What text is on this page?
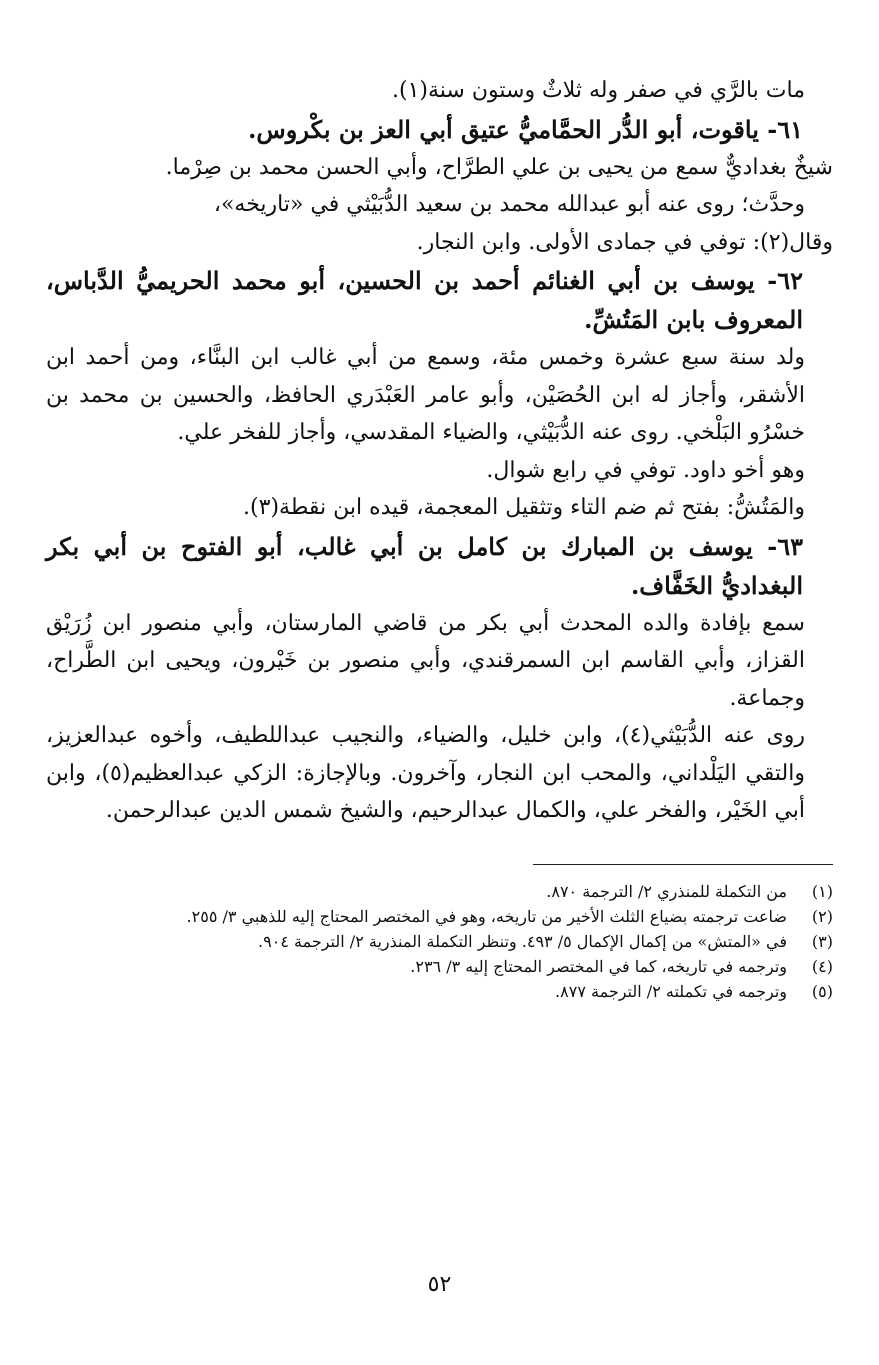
مات بالرَّي في صفر وله ثلاثٌ وستون سنة(١).

٦١- ياقوت، أبو الدُّر الحمَّاميُّ عتيق أبي العز بن بكْروس.

شيخٌ بغداديٌّ سمع من يحيى بن علي الطرَّاح، وأبي الحسن محمد بن صِرْما.

وحدَّث؛ روى عنه أبو عبدالله محمد بن سعيد الدُّبَيْثي في «تاريخه»،

وقال(٢): توفي في جمادى الأولى. وابن النجار.

٦٢- يوسف بن أبي الغنائم أحمد بن الحسين، أبو محمد الحريميُّ الدَّباس، المعروف بابن المَتُشِّ.

ولد سنة سبع عشرة وخمس مئة، وسمع من أبي غالب ابن البنَّاء، ومن أحمد ابن الأشقر، وأجاز له ابن الحُصَيْن، وأبو عامر العَبْدَري الحافظ، والحسين بن محمد بن خسْرُو البَلْخي. روى عنه الدُّبَيْثي، والضياء المقدسي، وأجاز للفخر علي.

وهو أخو داود. توفي في رابع شوال.

والمَتُشُّ: بفتح ثم ضم التاء وتثقيل المعجمة، قيده ابن نقطة(٣).

٦٣- يوسف بن المبارك بن كامل بن أبي غالب، أبو الفتوح بن أبي بكر البغداديُّ الخَفَّاف.

سمع بإفادة والده المحدث أبي بكر من قاضي المارستان، وأبي منصور ابن زُرَيْق القزاز، وأبي القاسم ابن السمرقندي، وأبي منصور بن خَيْرون، ويحيى ابن الطَّراح، وجماعة.

روى عنه الدُّبَيْثي(٤)، وابن خليل، والضياء، والنجيب عبداللطيف، وأخوه عبدالعزيز، والتقي اليَلْداني، والمحب ابن النجار، وآخرون. وبالإجازة: الزكي عبدالعظيم(٥)، وابن أبي الخَيْر، والفخر علي، والكمال عبدالرحيم، والشيخ شمس الدين عبدالرحمن.

(١)
من التكملة للمنذري ٢/ الترجمة ٨٧٠.
(٢)
ضاعت ترجمته بضياع الثلث الأخير من تاريخه، وهو في المختصر المحتاج إليه للذهبي ٣/ ٢٥٥.
(٣)
في «المتش» من إكمال الإكمال ٥/ ٤٩٣. وتنظر التكملة المنذرية ٢/ الترجمة ٩٠٤.
(٤)
وترجمه في تاريخه، كما في المختصر المحتاج إليه ٣/ ٢٣٦.
(٥)
وترجمه في تكملته ٢/ الترجمة ٨٧٧.
٥٢
